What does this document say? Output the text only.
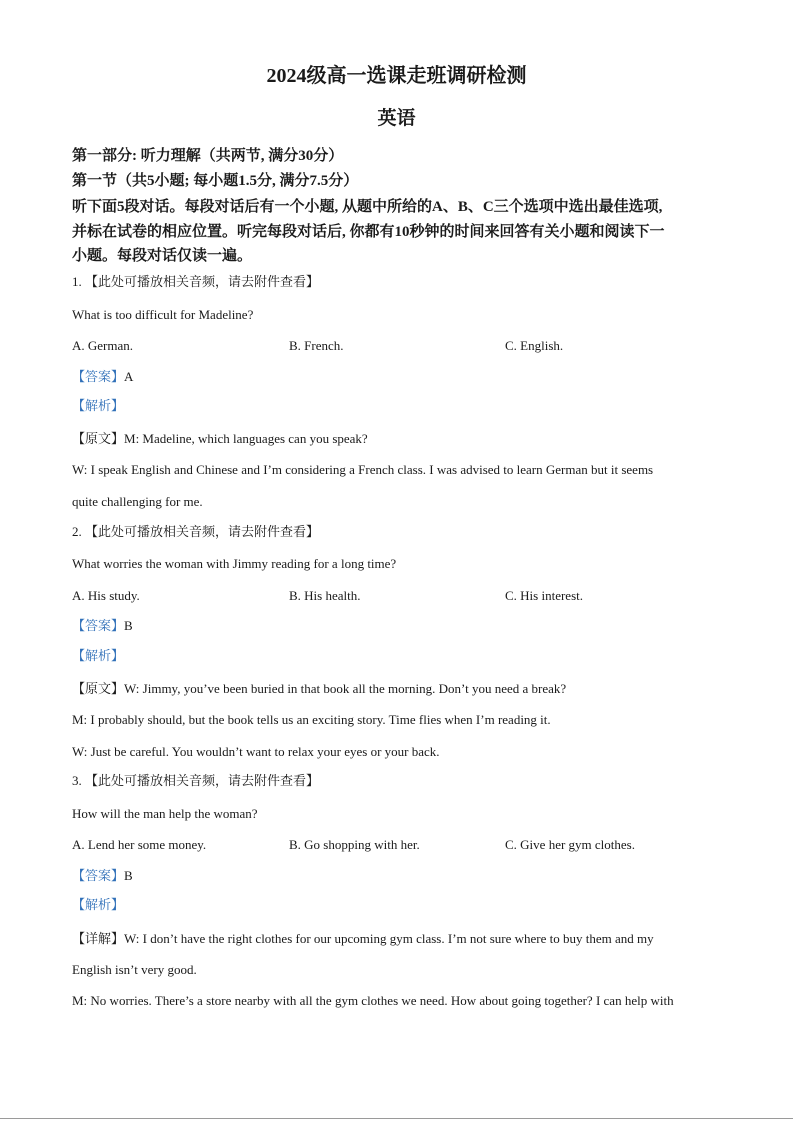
2024级高一选课走班调研检测
英语
第一部分: 听力理解（共两节, 满分30分）
第一节（共5小题; 每小题1.5分, 满分7.5分）
听下面5段对话。每段对话后有一个小题, 从题中所给的A、B、C三个选项中选出最佳选项,
并标在试卷的相应位置。听完每段对话后, 你都有10秒钟的时间来回答有关小题和阅读下一
小题。每段对话仅读一遍。
1. 【此处可播放相关音频，请去附件查看】
What is too difficult for Madeline?
A. German.	B. French.	C. English.
【答案】A
【解析】
【原文】M: Madeline, which languages can you speak?
W: I speak English and Chinese and I’m considering a French class. I was advised to learn German but it seems
quite challenging for me.
2. 【此处可播放相关音频，请去附件查看】
What worries the woman with Jimmy reading for a long time?
A. His study.	B. His health.	C. His interest.
【答案】B
【解析】
【原文】W: Jimmy, you’ve been buried in that book all the morning. Don’t you need a break?
M: I probably should, but the book tells us an exciting story. Time flies when I’m reading it.
W: Just be careful. You wouldn’t want to relax your eyes or your back.
3. 【此处可播放相关音频，请去附件查看】
How will the man help the woman?
A. Lend her some money.	B. Go shopping with her.	C. Give her gym clothes.
【答案】B
【解析】
【详解】W: I don’t have the right clothes for our upcoming gym class. I’m not sure where to buy them and my
English isn’t very good.
M: No worries. There’s a store nearby with all the gym clothes we need. How about going together? I can help with
